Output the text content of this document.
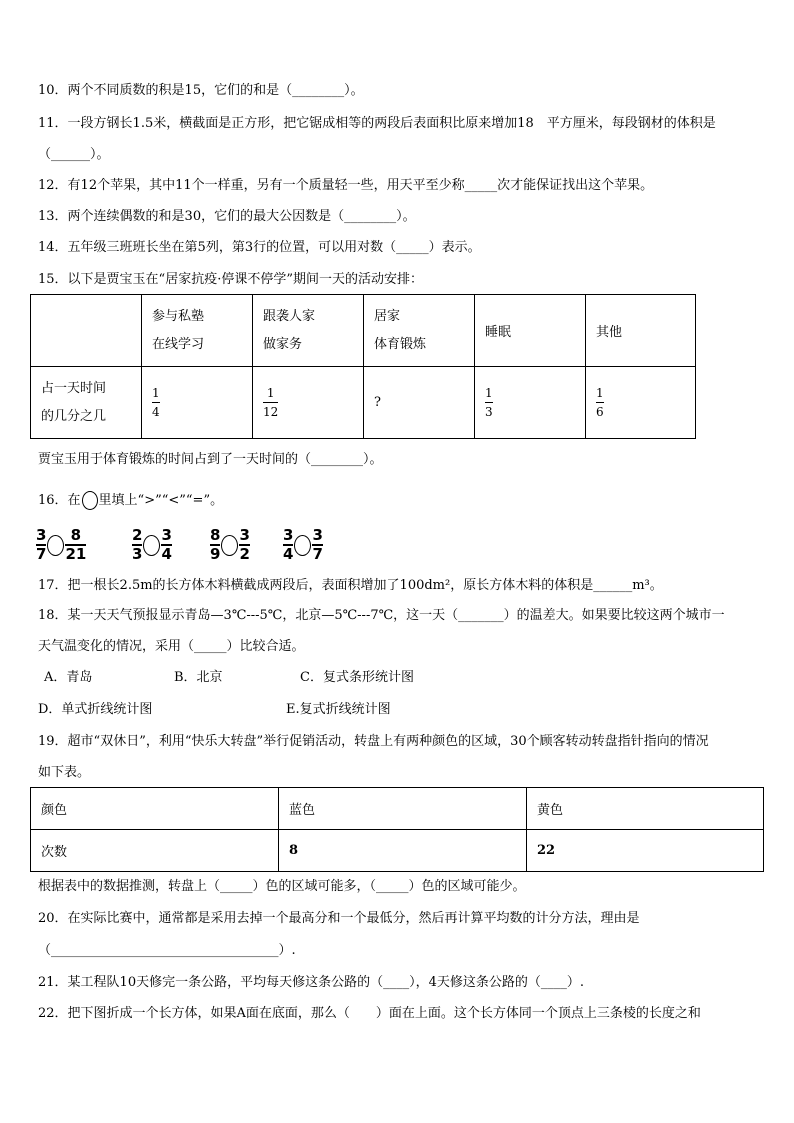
10．两个不同质数的积是15，它们的和是（________）。
11．一段方钢长1.5米，横截面是正方形，把它锯成相等的两段后表面积比原来增加18　平方厘米，每段钢材的体积是
（______）。
12．有12个苹果，其中11个一样重，另有一个质量轻一些，用天平至少称_____次才能保证找出这个苹果。
13．两个连续偶数的和是30，它们的最大公因数是（________）。
14．五年级三班班长坐在第5列，第3行的位置，可以用对数（_____）表示。
15．以下是贾宝玉在“居家抗疫·停课不停学”期间一天的活动安排：

	参与私塾
在线学习	跟袭人家
做家务	居家
体育锻炼	睡眠	其他

占一天时间
的几分之几	$\frac{1}{4}$	$\frac{1}{12}$	?	$\frac{1}{3}$	$\frac{1}{6}$
贾宝玉用于体育锻炼的时间占到了一天时间的（________）。
16．在 里填上“>”“<”“=”。
3
7
8
21
2
3
3
4
8
9
3
2
3
4
3
7
17．把一根长2.5m的长方体木料横截成两段后，表面积增加了100dm²，原长方体木料的体积是______m³。
18．某一天天气预报显示青岛—3℃---5℃，北京—5℃---7℃，这一天（_______）的温差大。如果要比较这两个城市一
天气温变化的情况，采用（_____）比较合适。
A．青岛	B．北京	C．复式条形统计图
D．单式折线统计图	E.复式折线统计图
19．超市“双休日”，利用“快乐大转盘”举行促销活动，转盘上有两种颜色的区域，30个顾客转动转盘指针指向的情况
如下表。
颜色	蓝色	黄色
次数	8	22
根据表中的数据推测，转盘上（_____）色的区域可能多，（_____）色的区域可能少。
20．在实际比赛中，通常都是采用去掉一个最高分和一个最低分，然后再计算平均数的计分方法，理由是
（___________________________________）.
21．某工程队10天修完一条公路，平均每天修这条公路的（____），4天修这条公路的（____）.
22．把下图折成一个长方体，如果A面在底面，那么（　　）面在上面。这个长方体同一个顶点上三条棱的长度之和
